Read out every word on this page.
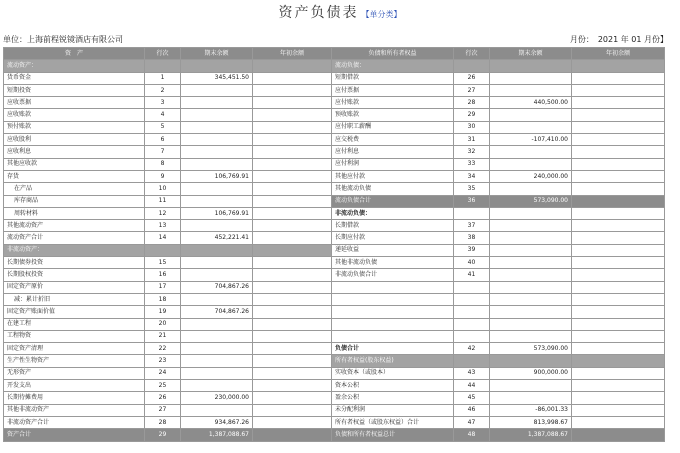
资产负债表 【单分类】
单位：上海前程锐镜酒店有限公司	月份：　2021 年 01 月份】
资　产	行次	期末余额	年初余额	负债和所有者权益	行次	期末余额	年初余额
流动资产：				流动负债：			
货币资金	1	345,451.50		短期借款	26		
短期投资	2			应付票据	27		
应收票据	3			应付账款	28	440,500.00	
应收账款	4			预收账款	29		
预付账款	5			应付职工薪酬	30		
应收股利	6			应交税费	31	-107,410.00	
应收利息	7			应付利息	32		
其他应收款	8			应付利润	33		
存货	9	106,769.91		其他应付款	34	240,000.00	
在产品	10			其他流动负债	35		
库存商品	11			流动负债合计	36	573,090.00	
周转材料	12	106,769.91		非流动负债：			
其他流动资产	13			长期借款	37		
流动资产合计	14	452,221.41		长期应付款	38		
非流动资产：				递延收益	39		
长期债券投资	15			其他非流动负债	40		
长期股权投资	16			非流动负债合计	41		
固定资产原价	17	704,867.26					
减：累计折旧	18						
固定资产账面价值	19	704,867.26					
在建工程	20						
工程物资	21						
固定资产清理	22			负债合计	42	573,090.00	
生产性生物资产	23			所有者权益(股东权益)			
无形资产	24			实收资本（或股本）	43	900,000.00	
开发支出	25			资本公积	44		
长期待摊费用	26	230,000.00		盈余公积	45		
其他非流动资产	27			未分配利润	46	-86,001.33	
非流动资产合计	28	934,867.26		所有者权益（或股东权益）合计	47	813,998.67	
资产合计	29	1,387,088.67		负债和所有者权益总计	48	1,387,088.67	
